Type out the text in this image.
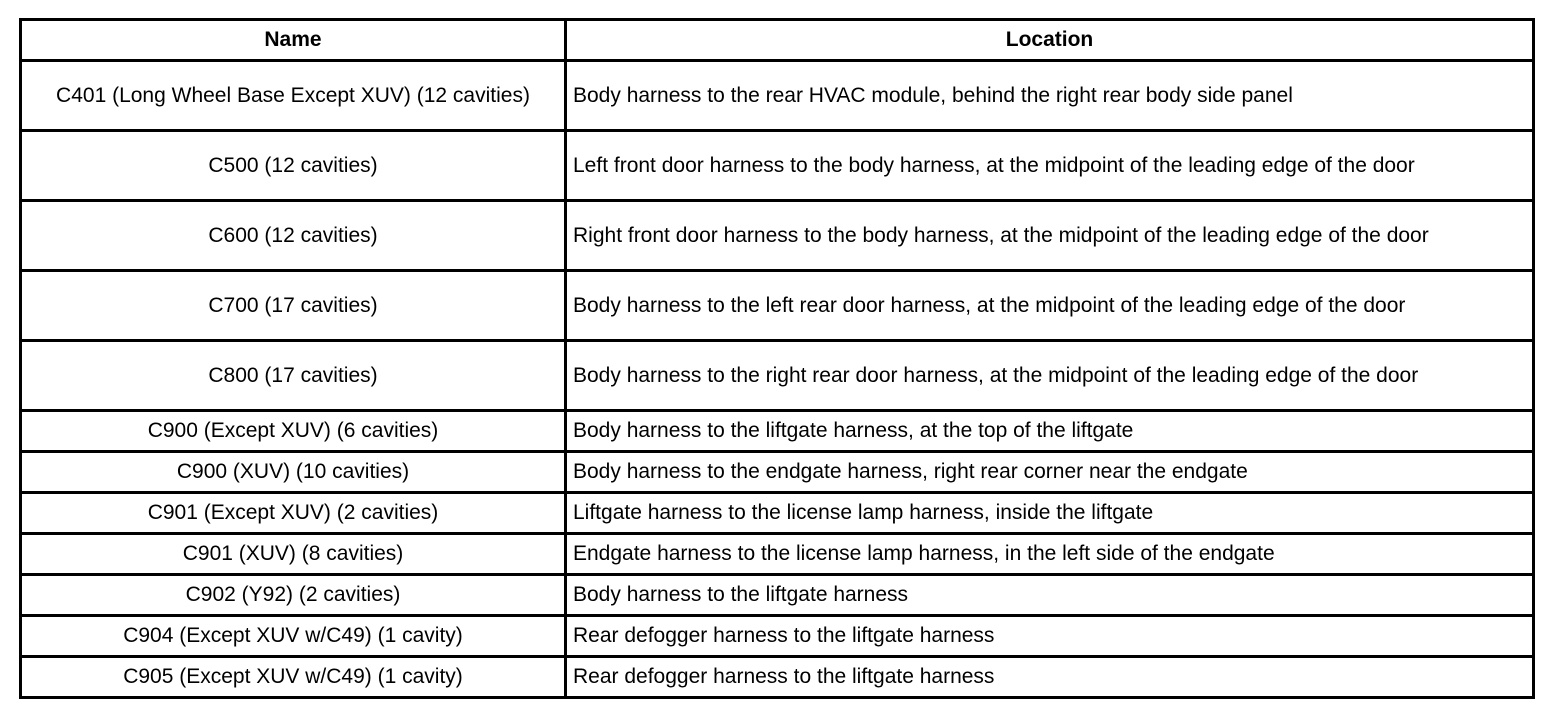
Name	Location
C401 (Long Wheel Base Except XUV) (12 cavities)	Body harness to the rear HVAC module, behind the right rear body side panel
C500 (12 cavities)	Left front door harness to the body harness, at the midpoint of the leading edge of the door
C600 (12 cavities)	Right front door harness to the body harness, at the midpoint of the leading edge of the door
C700 (17 cavities)	Body harness to the left rear door harness, at the midpoint of the leading edge of the door
C800 (17 cavities)	Body harness to the right rear door harness, at the midpoint of the leading edge of the door
C900 (Except XUV) (6 cavities)	Body harness to the liftgate harness, at the top of the liftgate
C900 (XUV) (10 cavities)	Body harness to the endgate harness, right rear corner near the endgate
C901 (Except XUV) (2 cavities)	Liftgate harness to the license lamp harness, inside the liftgate
C901 (XUV) (8 cavities)	Endgate harness to the license lamp harness, in the left side of the endgate
C902 (Y92) (2 cavities)	Body harness to the liftgate harness
C904 (Except XUV w/C49) (1 cavity)	Rear defogger harness to the liftgate harness
C905 (Except XUV w/C49) (1 cavity)	Rear defogger harness to the liftgate harness
